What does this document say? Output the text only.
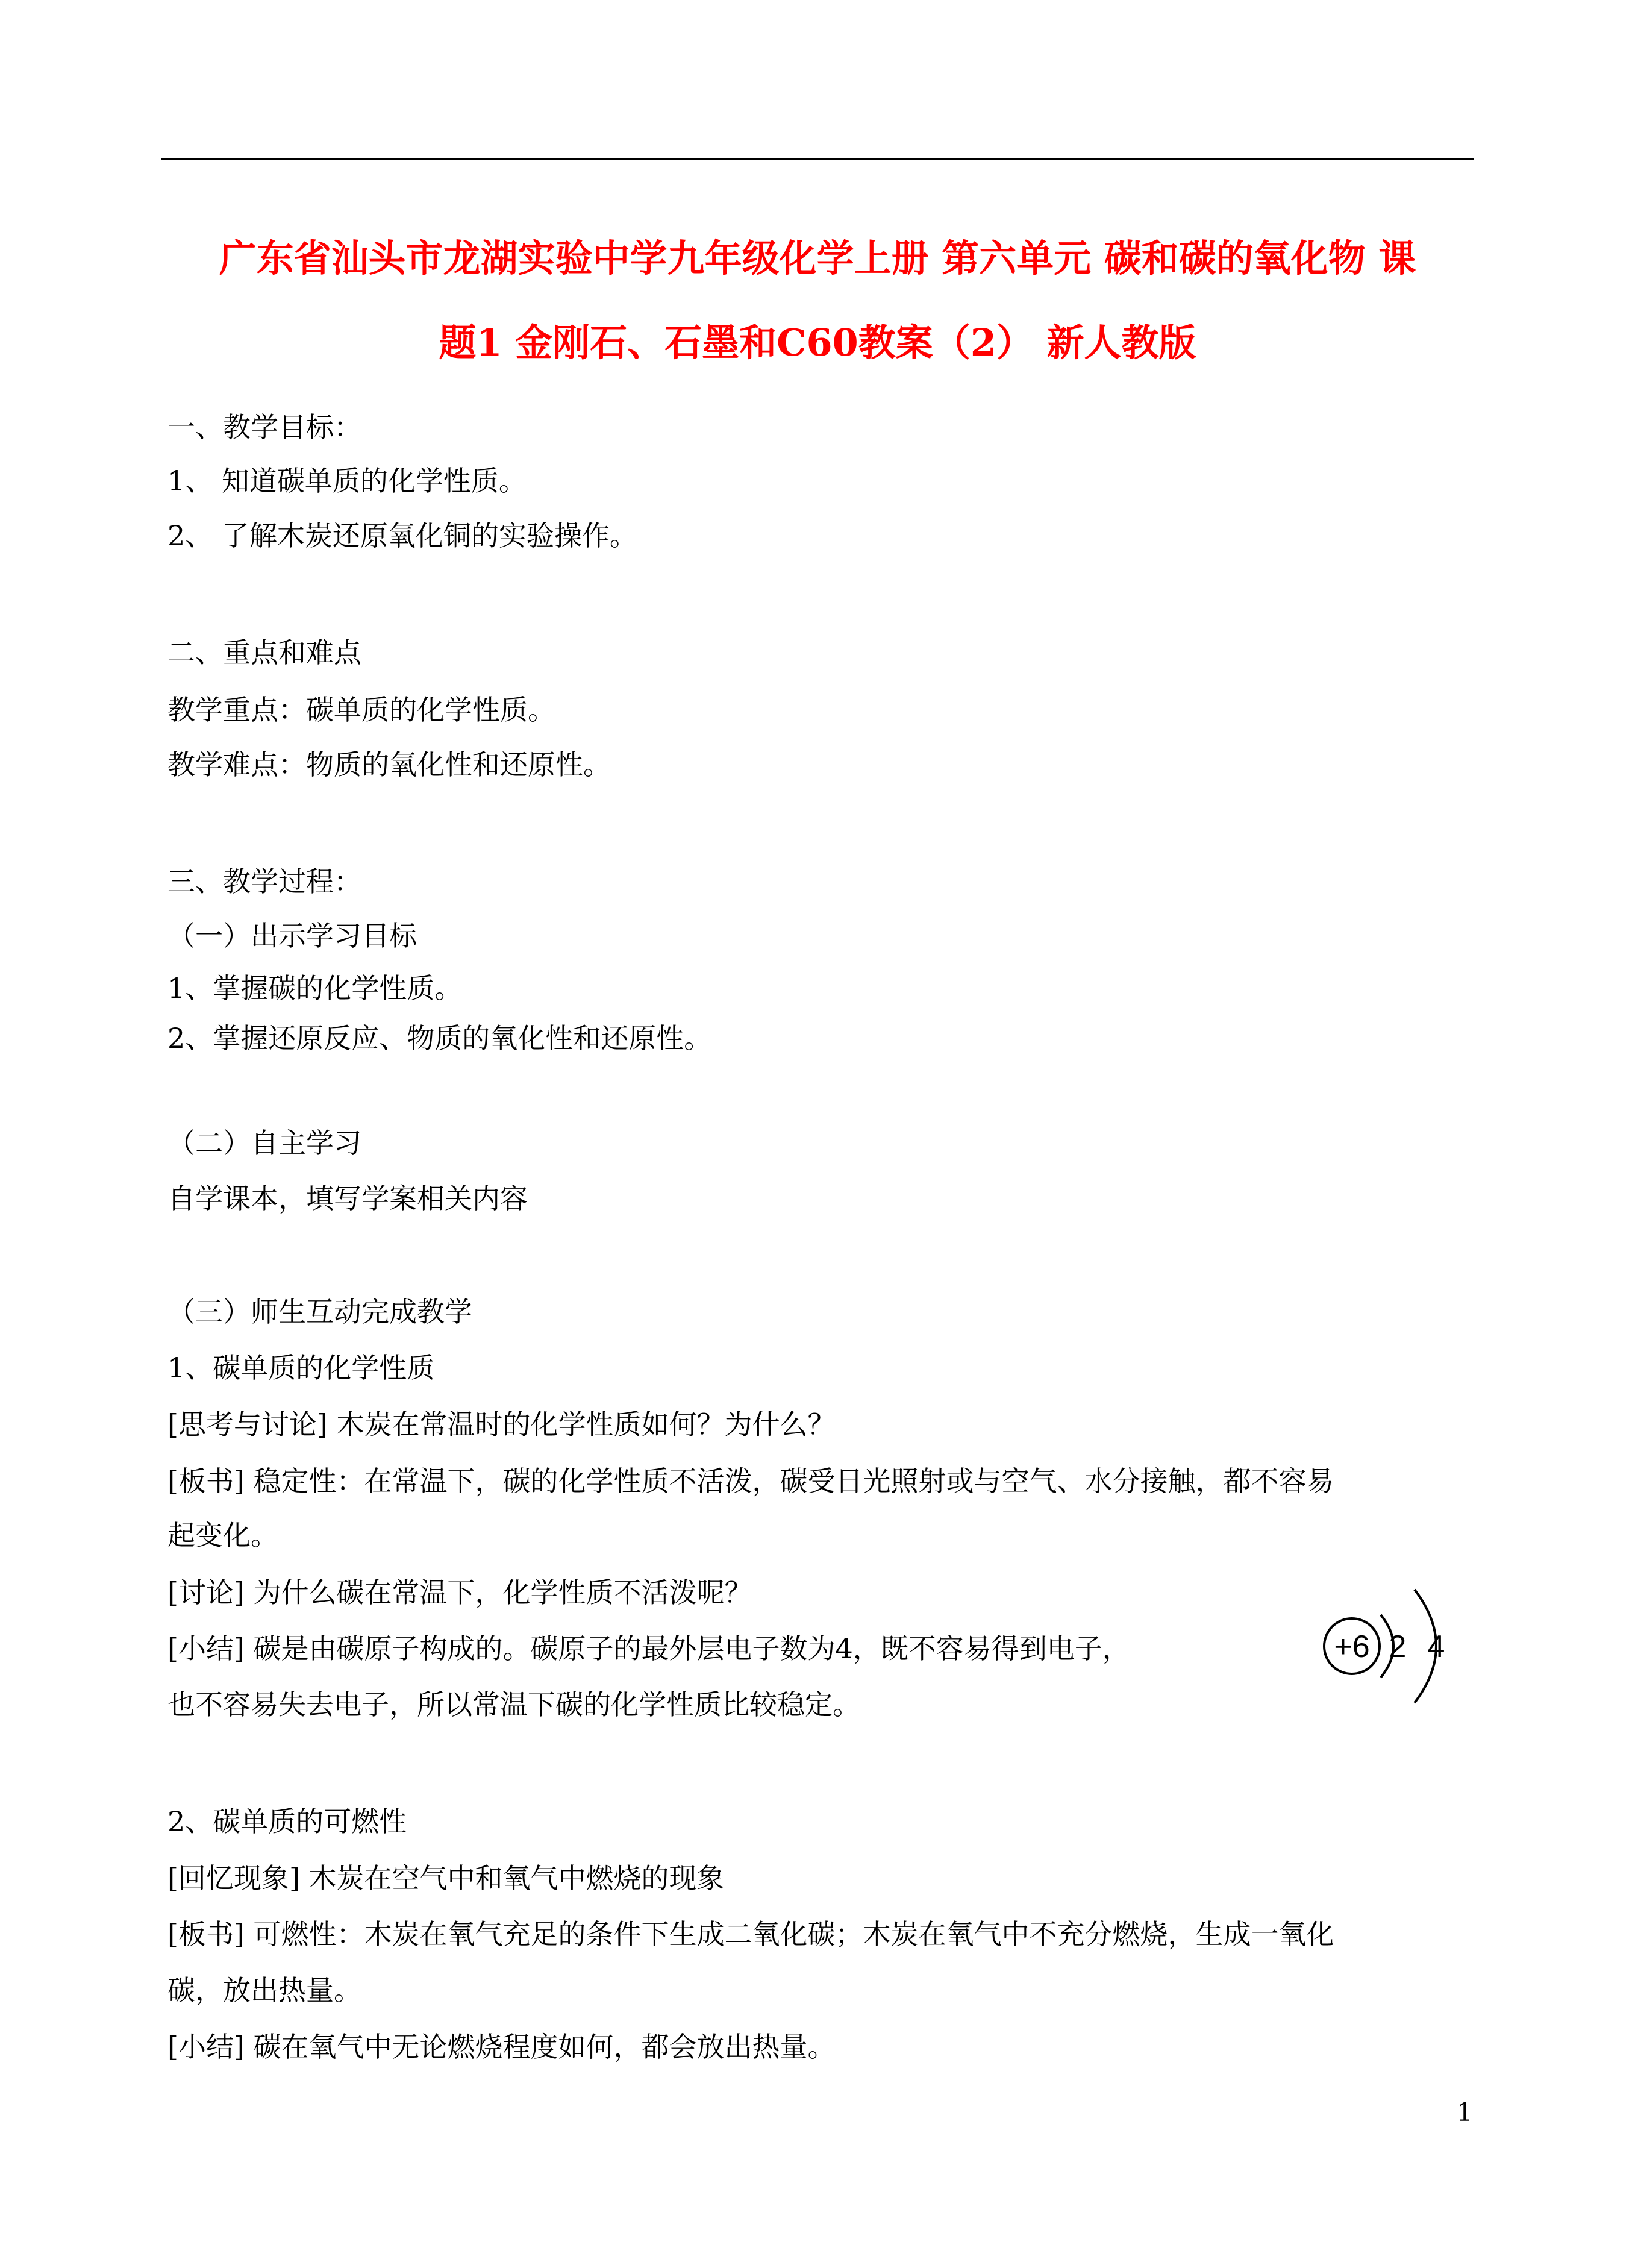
广东省汕头市龙湖实验中学九年级化学上册 第六单元 碳和碳的氧化物 课
题1 金刚石、石墨和C60教案（2） 新人教版
一、教学目标：
1、 知道碳单质的化学性质。
2、 了解木炭还原氧化铜的实验操作。
二、重点和难点
教学重点：碳单质的化学性质。
教学难点：物质的氧化性和还原性。
三、教学过程：
（一）出示学习目标
1、掌握碳的化学性质。
2、掌握还原反应、物质的氧化性和还原性。
（二）自主学习
自学课本，填写学案相关内容
（三）师生互动完成教学
1、碳单质的化学性质
[思考与讨论] 木炭在常温时的化学性质如何？为什么？
[板书] 稳定性：在常温下，碳的化学性质不活泼，碳受日光照射或与空气、水分接触，都不容易
起变化。
[讨论] 为什么碳在常温下，化学性质不活泼呢？
[小结] 碳是由碳原子构成的。碳原子的最外层电子数为4，既不容易得到电子，
也不容易失去电子，所以常温下碳的化学性质比较稳定。
+6 2 4
2、碳单质的可燃性
[回忆现象] 木炭在空气中和氧气中燃烧的现象
[板书] 可燃性：木炭在氧气充足的条件下生成二氧化碳；木炭在氧气中不充分燃烧，生成一氧化
碳，放出热量。
[小结] 碳在氧气中无论燃烧程度如何，都会放出热量。
1
